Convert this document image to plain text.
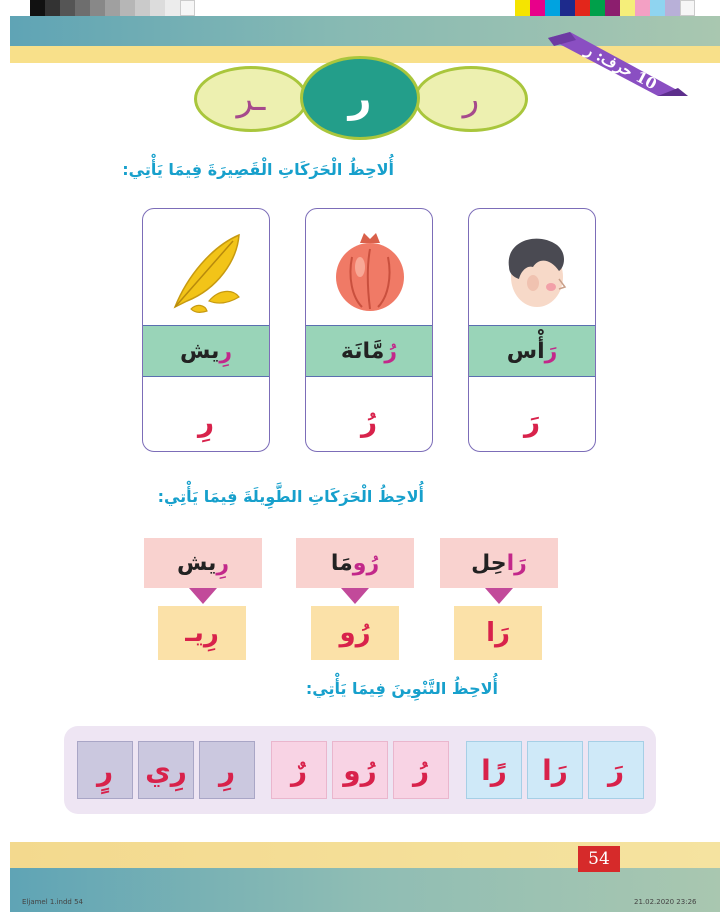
10
حرف: ر
ر
ـر ر
أُلاحِظُ الْحَرَكَاتِ الْقَصِيرَةَ فِيمَا يَأْتِي:
رَ
أْس
رَ
رُ
مَّانَة
رُ
رِ
يش
رِ
أُلاحِظُ الْحَرَكَاتِ الطَّوِيلَةَ فِيمَا يَأْتِي:
رَا
حِل
رَا
رُو
مَا
رُو
رِ
يش
رِيـ
أُلاحِظُ التَّنْوِينَ فِيمَا يَأْتِي:
رَ
رَا
رًا
رُ
رُو
رٌ
رِ
رِي
رٍ
54
Eljamel 1.indd 54	21.02.2020 23:26
